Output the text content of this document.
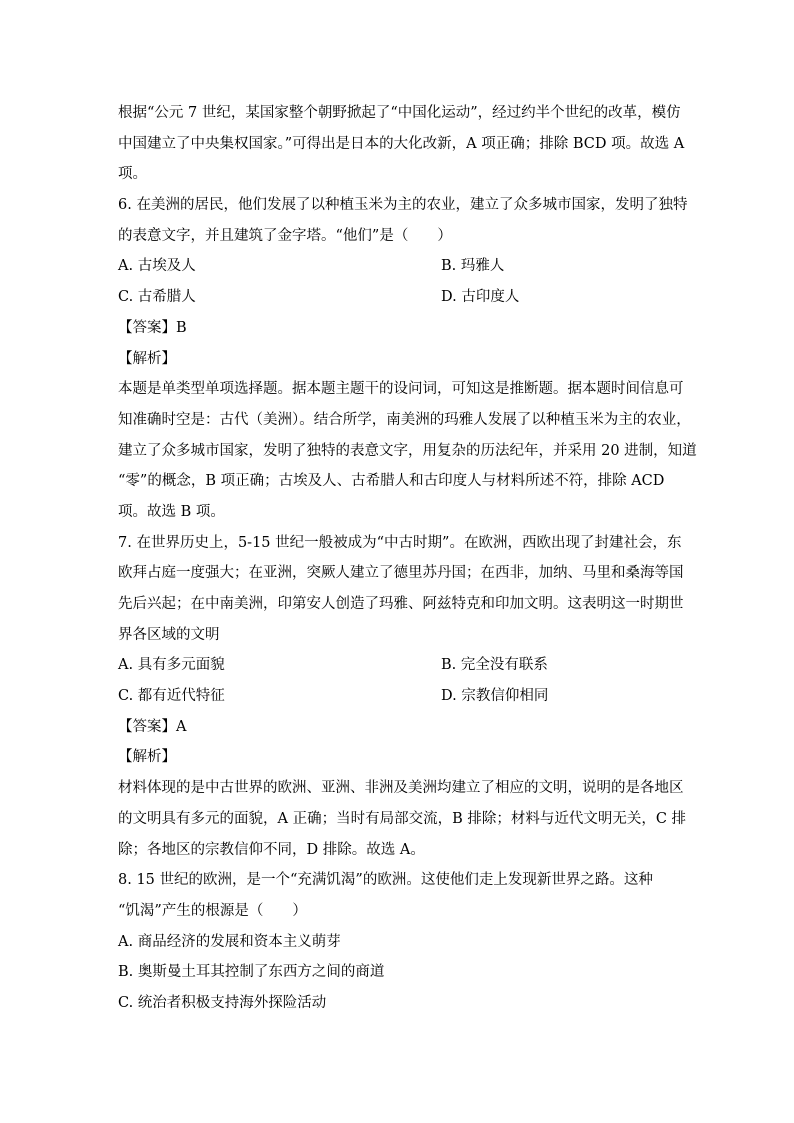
根据“公元 7 世纪，某国家整个朝野掀起了“中国化运动”，经过约半个世纪的改革，模仿
中国建立了中央集权国家。”可得出是日本的大化改新，A 项正确；排除 BCD 项。故选 A
项。
6. 在美洲的居民，他们发展了以种植玉米为主的农业，建立了众多城市国家，发明了独特
的表意文字，并且建筑了金字塔。“他们”是（　　）
A. 古埃及人	B. 玛雅人
C. 古希腊人	D. 古印度人
【答案】B
【解析】
本题是单类型单项选择题。据本题主题干的设问词，可知这是推断题。据本题时间信息可
知准确时空是：古代（美洲）。结合所学，南美洲的玛雅人发展了以种植玉米为主的农业，
建立了众多城市国家，发明了独特的表意文字，用复杂的历法纪年，并采用 20 进制，知道
“零”的概念，B 项正确；古埃及人、古希腊人和古印度人与材料所述不符，排除 ACD
项。故选 B 项。
7. 在世界历史上，5-15 世纪一般被成为“中古时期”。在欧洲，西欧出现了封建社会，东
欧拜占庭一度强大；在亚洲，突厥人建立了德里苏丹国；在西非，加纳、马里和桑海等国
先后兴起；在中南美洲，印第安人创造了玛雅、阿兹特克和印加文明。这表明这一时期世
界各区域的文明
A. 具有多元面貌	B. 完全没有联系
C. 都有近代特征	D. 宗教信仰相同
【答案】A
【解析】
材料体现的是中古世界的欧洲、亚洲、非洲及美洲均建立了相应的文明，说明的是各地区
的文明具有多元的面貌，A 正确；当时有局部交流，B 排除；材料与近代文明无关，C 排
除；各地区的宗教信仰不同，D 排除。故选 A。
8. 15 世纪的欧洲，是一个“充满饥渴”的欧洲。这使他们走上发现新世界之路。这种
“饥渴”产生的根源是（　　）
A. 商品经济的发展和资本主义萌芽
B. 奥斯曼土耳其控制了东西方之间的商道
C. 统治者积极支持海外探险活动
